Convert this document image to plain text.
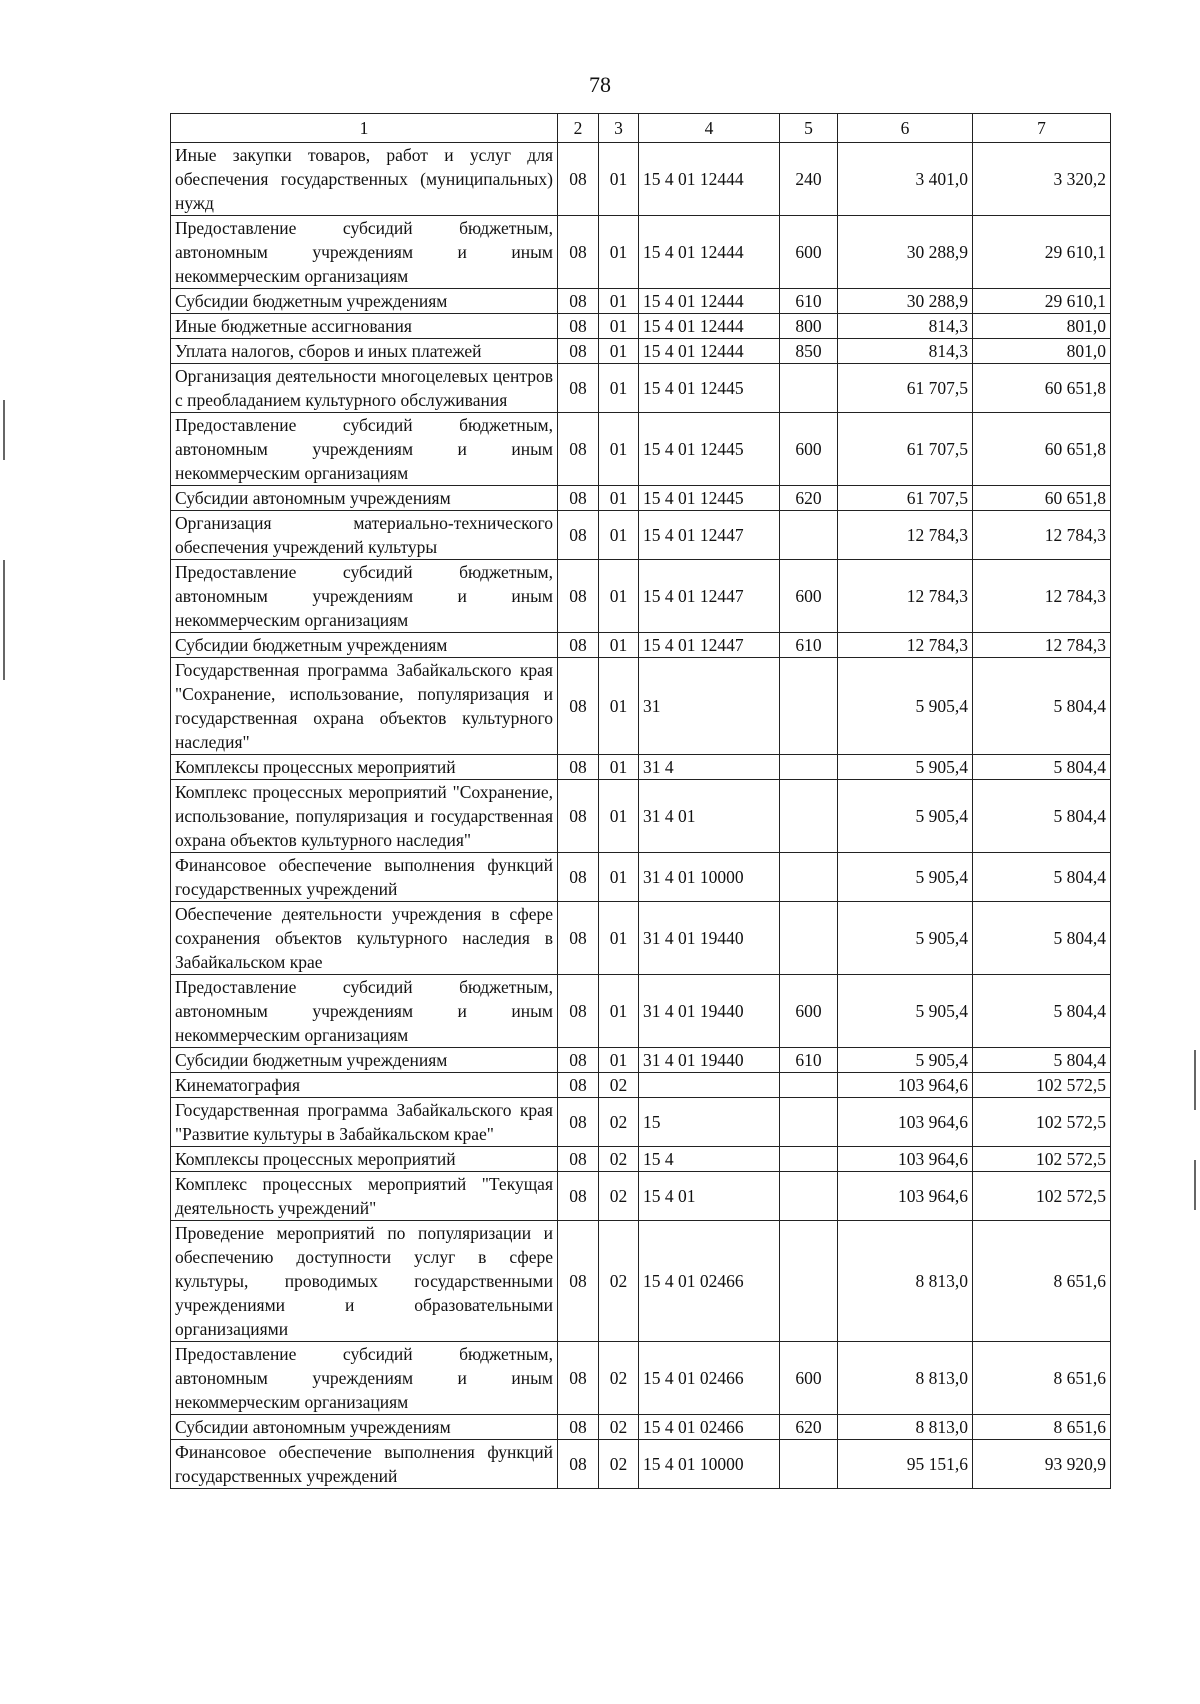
78
1	2	3	4	5	6	7
Иные закупки товаров, работ и услуг для обеспечения государственных (муниципальных) нужд	08	01	15 4 01 12444	240	3 401,0	3 320,2
Предоставление субсидий бюджетным, автономным учреждениям и иным некоммерческим организациям	08	01	15 4 01 12444	600	30 288,9	29 610,1
Субсидии бюджетным учреждениям	08	01	15 4 01 12444	610	30 288,9	29 610,1
Иные бюджетные ассигнования	08	01	15 4 01 12444	800	814,3	801,0
Уплата налогов, сборов и иных платежей	08	01	15 4 01 12444	850	814,3	801,0
Организация деятельности многоцелевых центров с преобладанием культурного обслуживания	08	01	15 4 01 12445		61 707,5	60 651,8
Предоставление субсидий бюджетным, автономным учреждениям и иным некоммерческим организациям	08	01	15 4 01 12445	600	61 707,5	60 651,8
Субсидии автономным учреждениям	08	01	15 4 01 12445	620	61 707,5	60 651,8
Организация материально-технического обеспечения учреждений культуры	08	01	15 4 01 12447		12 784,3	12 784,3
Предоставление субсидий бюджетным, автономным учреждениям и иным некоммерческим организациям	08	01	15 4 01 12447	600	12 784,3	12 784,3
Субсидии бюджетным учреждениям	08	01	15 4 01 12447	610	12 784,3	12 784,3
Государственная программа Забайкальского края "Сохранение, использование, популяризация и государственная охрана объектов культурного наследия"	08	01	31		5 905,4	5 804,4
Комплексы процессных мероприятий	08	01	31 4		5 905,4	5 804,4
Комплекс процессных мероприятий "Сохранение, использование, популяризация и государственная охрана объектов культурного наследия"	08	01	31 4 01		5 905,4	5 804,4
Финансовое обеспечение выполнения функций государственных учреждений	08	01	31 4 01 10000		5 905,4	5 804,4
Обеспечение деятельности учреждения в сфере сохранения объектов культурного наследия в Забайкальском крае	08	01	31 4 01 19440		5 905,4	5 804,4
Предоставление субсидий бюджетным, автономным учреждениям и иным некоммерческим организациям	08	01	31 4 01 19440	600	5 905,4	5 804,4
Субсидии бюджетным учреждениям	08	01	31 4 01 19440	610	5 905,4	5 804,4
Кинематография	08	02			103 964,6	102 572,5
Государственная программа Забайкальского края "Развитие культуры в Забайкальском крае"	08	02	15		103 964,6	102 572,5
Комплексы процессных мероприятий	08	02	15 4		103 964,6	102 572,5
Комплекс процессных мероприятий "Текущая деятельность учреждений"	08	02	15 4 01		103 964,6	102 572,5
Проведение мероприятий по популяризации и обеспечению доступности услуг в сфере культуры, проводимых государственными учреждениями и образовательными организациями	08	02	15 4 01 02466		8 813,0	8 651,6
Предоставление субсидий бюджетным, автономным учреждениям и иным некоммерческим организациям	08	02	15 4 01 02466	600	8 813,0	8 651,6
Субсидии автономным учреждениям	08	02	15 4 01 02466	620	8 813,0	8 651,6
Финансовое обеспечение выполнения функций государственных учреждений	08	02	15 4 01 10000		95 151,6	93 920,9
